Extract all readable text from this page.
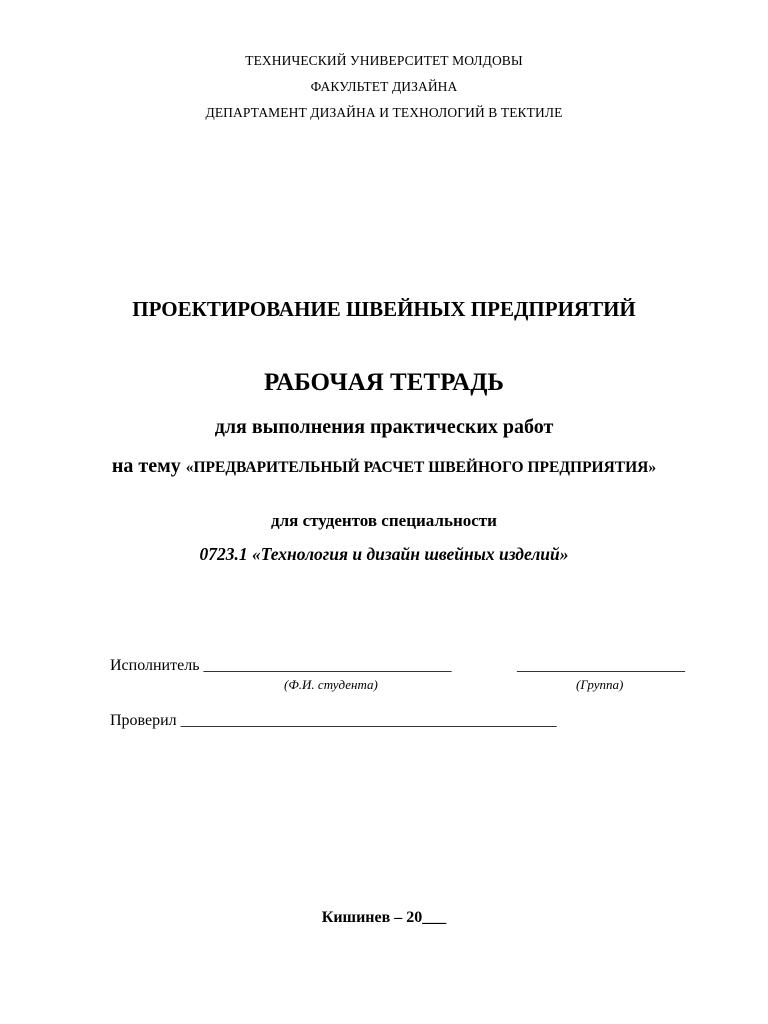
ТЕХНИЧЕСКИЙ УНИВЕРСИТЕТ МОЛДОВЫ
ФАКУЛЬТЕТ ДИЗАЙНА
ДЕПАРТАМЕНТ ДИЗАЙНА И ТЕХНОЛОГИЙ В ТЕКТИЛЕ
ПРОЕКТИРОВАНИЕ ШВЕЙНЫХ ПРЕДПРИЯТИЙ
РАБОЧАЯ ТЕТРАДЬ
для выполнения практических работ
на тему «ПРЕДВАРИТЕЛЬНЫЙ РАСЧЕТ ШВЕЙНОГО ПРЕДПРИЯТИЯ»
для студентов специальности
0723.1 «Технология и дизайн швейных изделий»
Исполнитель _______________________________	_____________________
(Ф.И. студента)	(Группа)
Проверил _______________________________________________
Кишинев – 20___
